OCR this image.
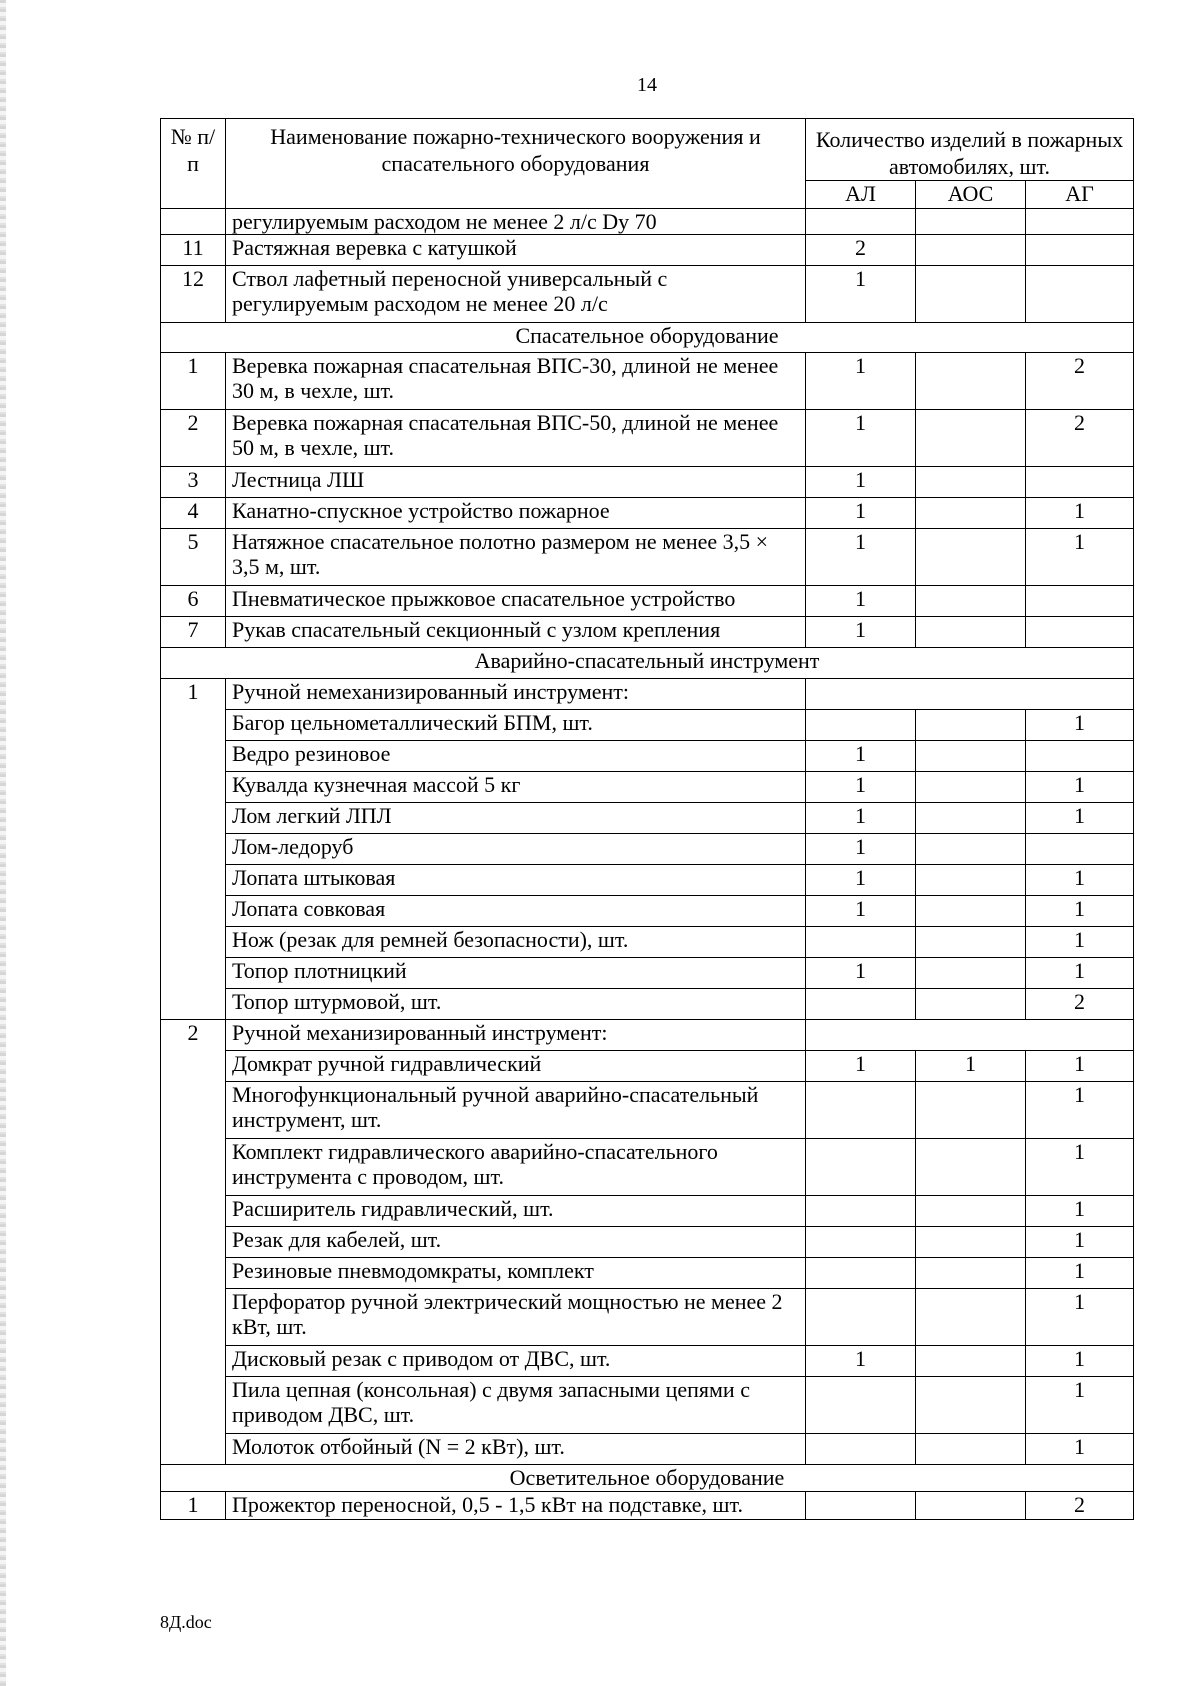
14
№ п/п	Наименование пожарно-технического вооружения и спасательного оборудования	Количество изделий в пожарных автомобилях, шт.		
		АЛ	АОС	АГ
	регулируемым расходом не менее 2 л/с Dy 70			
11	Растяжная веревка с катушкой	2		
12	Ствол лафетный переносной универсальный с регулируемым расходом не менее 20 л/с	1		
Спасательное оборудование				
1	Веревка пожарная спасательная ВПС-30, длиной не менее 30 м, в чехле, шт.	1		2
2	Веревка пожарная спасательная ВПС-50, длиной не менее 50 м, в чехле, шт.	1		2
3	Лестница ЛШ	1		
4	Канатно-спускное устройство пожарное	1		1
5	Натяжное спасательное полотно размером не менее 3,5 × 3,5 м, шт.	1		1
6	Пневматическое прыжковое спасательное устройство	1		
7	Рукав спасательный секционный с узлом крепления	1		
Аварийно-спасательный инструмент				
1	Ручной немеханизированный инструмент:			
	Багор цельнометаллический БПМ, шт.			1
	Ведро резиновое	1		
	Кувалда кузнечная массой 5 кг	1		1
	Лом легкий ЛПЛ	1		1
	Лом-ледоруб	1		
	Лопата штыковая	1		1
	Лопата совковая	1		1
	Нож (резак для ремней безопасности), шт.			1
	Топор плотницкий	1		1
	Топор штурмовой, шт.			2
2	Ручной механизированный инструмент:			
	Домкрат ручной гидравлический	1	1	1
	Многофункциональный ручной аварийно-спасательный инструмент, шт.			1
	Комплект гидравлического аварийно-спасательного инструмента с проводом, шт.			1
	Расширитель гидравлический, шт.			1
	Резак для кабелей, шт.			1
	Резиновые пневмодомкраты, комплект			1
	Перфоратор ручной электрический мощностью не менее 2 кВт, шт.			1
	Дисковый резак с приводом от ДВС, шт.	1		1
	Пила цепная (консольная) с двумя запасными цепями с приводом ДВС, шт.			1
	Молоток отбойный (N = 2 кВт), шт.			1
Осветительное оборудование				
1	Прожектор переносной, 0,5 - 1,5 кВт на подставке, шт.			2
8Д.doc
